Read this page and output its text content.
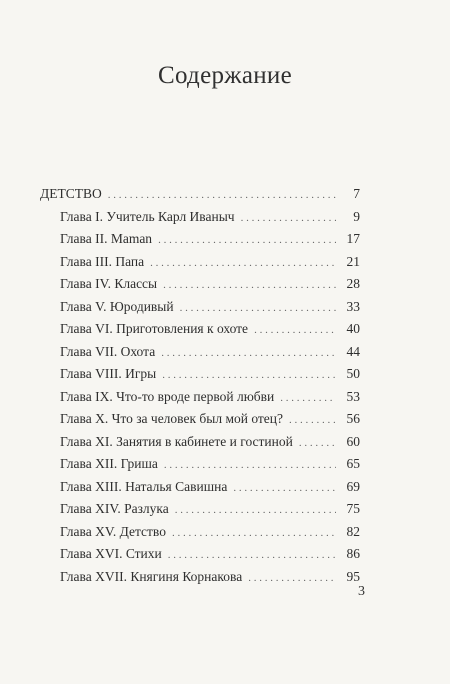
Содержание
ДЕТСТВО . . .	7
Глава I. Учитель Карл Иваныч . . .	9
Глава II. Maman . . .	17
Глава III. Папа . . .	21
Глава IV. Классы . . .	28
Глава V. Юродивый . . .	33
Глава VI. Приготовления к охоте . . .	40
Глава VII. Охота . . .	44
Глава VIII. Игры . . .	50
Глава IX. Что-то вроде первой любви . . .	53
Глава X. Что за человек был мой отец? . . .	56
Глава XI. Занятия в кабинете и гостиной . . .	60
Глава XII. Гриша . . .	65
Глава XIII. Наталья Савишна . . .	69
Глава XIV. Разлука . . .	75
Глава XV. Детство . . .	82
Глава XVI. Стихи . . .	86
Глава XVII. Княгиня Корнакова . . .	95
3
